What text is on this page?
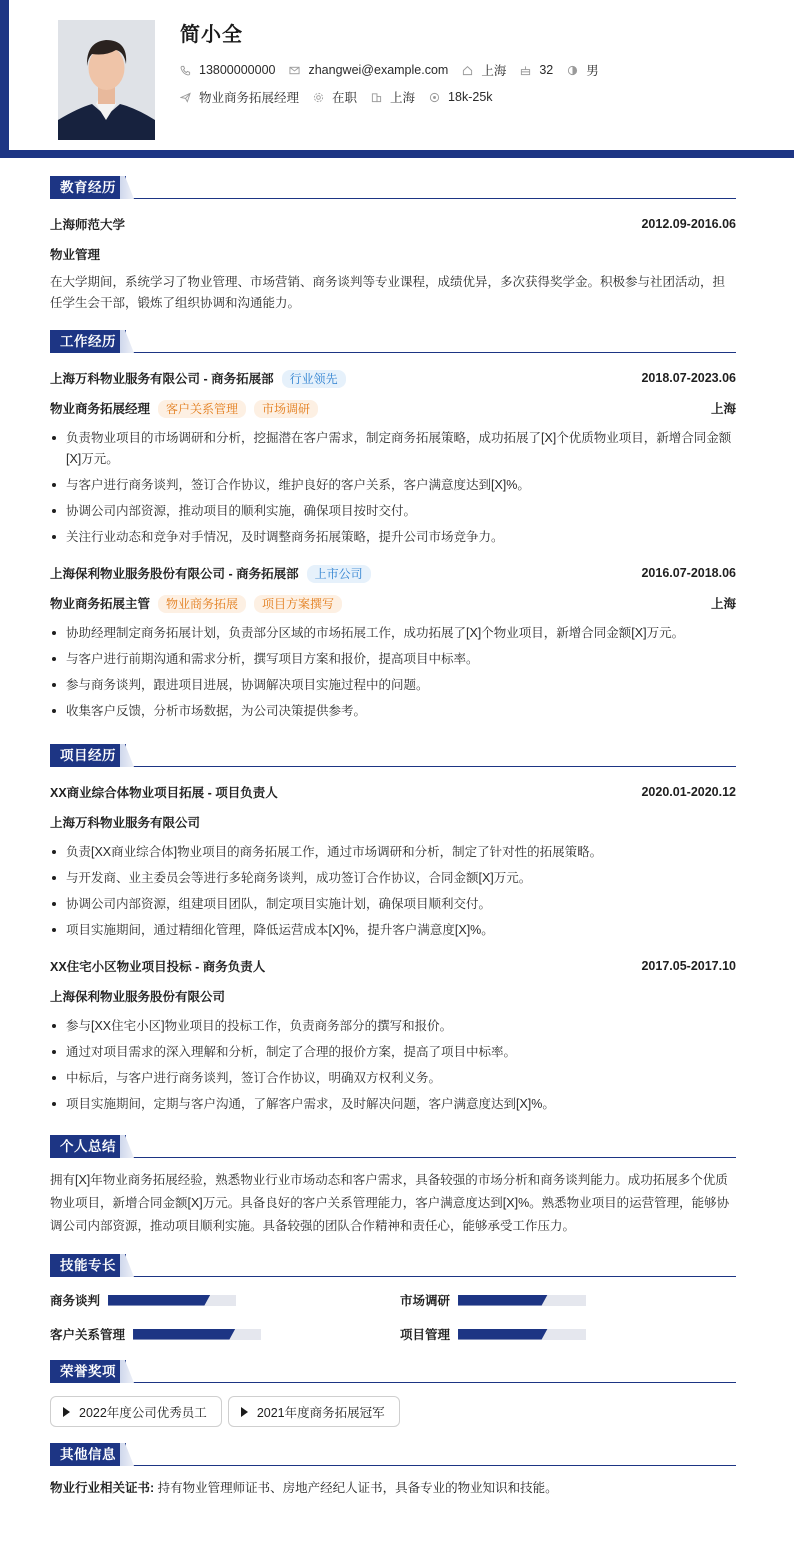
简小全
13800000000	zhangwei@example.com	上海	32	男
物业商务拓展经理	在职	上海	18k-25k
教育经历
上海师范大学	2012.09-2016.06
物业管理
在大学期间，系统学习了物业管理、市场营销、商务谈判等专业课程，成绩优异，多次获得奖学金。积极参与社团活动，担任学生会干部，锻炼了组织协调和沟通能力。
工作经历
上海万科物业服务有限公司 - 商务拓展部 行业领先	2018.07-2023.06
物业商务拓展经理 客户关系管理 市场调研	上海
负责物业项目的市场调研和分析，挖掘潜在客户需求，制定商务拓展策略，成功拓展了[X]个优质物业项目，新增合同金额[X]万元。
与客户进行商务谈判，签订合作协议，维护良好的客户关系，客户满意度达到[X]%。
协调公司内部资源，推动项目的顺利实施，确保项目按时交付。
关注行业动态和竞争对手情况，及时调整商务拓展策略，提升公司市场竞争力。
上海保利物业服务股份有限公司 - 商务拓展部 上市公司	2016.07-2018.06
物业商务拓展主管 物业商务拓展 项目方案撰写	上海
协助经理制定商务拓展计划，负责部分区域的市场拓展工作，成功拓展了[X]个物业项目，新增合同金额[X]万元。
与客户进行前期沟通和需求分析，撰写项目方案和报价，提高项目中标率。
参与商务谈判，跟进项目进展，协调解决项目实施过程中的问题。
收集客户反馈，分析市场数据，为公司决策提供参考。
项目经历
XX商业综合体物业项目拓展 - 项目负责人	2020.01-2020.12
上海万科物业服务有限公司
负责[XX商业综合体]物业项目的商务拓展工作，通过市场调研和分析，制定了针对性的拓展策略。
与开发商、业主委员会等进行多轮商务谈判，成功签订合作协议，合同金额[X]万元。
协调公司内部资源，组建项目团队，制定项目实施计划，确保项目顺利交付。
项目实施期间，通过精细化管理，降低运营成本[X]%，提升客户满意度[X]%。
XX住宅小区物业项目投标 - 商务负责人	2017.05-2017.10
上海保利物业服务股份有限公司
参与[XX住宅小区]物业项目的投标工作，负责商务部分的撰写和报价。
通过对项目需求的深入理解和分析，制定了合理的报价方案，提高了项目中标率。
中标后，与客户进行商务谈判，签订合作协议，明确双方权利义务。
项目实施期间，定期与客户沟通，了解客户需求，及时解决问题，客户满意度达到[X]%。
个人总结
拥有[X]年物业商务拓展经验，熟悉物业行业市场动态和客户需求，具备较强的市场分析和商务谈判能力。成功拓展多个优质物业项目，新增合同金额[X]万元。具备良好的客户关系管理能力，客户满意度达到[X]%。熟悉物业项目的运营管理，能够协调公司内部资源，推动项目顺利实施。具备较强的团队合作精神和责任心，能够承受工作压力。
技能专长
商务谈判	市场调研
客户关系管理	项目管理
荣誉奖项
2022年度公司优秀员工	2021年度商务拓展冠军
其他信息
物业行业相关证书: 持有物业管理师证书、房地产经纪人证书，具备专业的物业知识和技能。
